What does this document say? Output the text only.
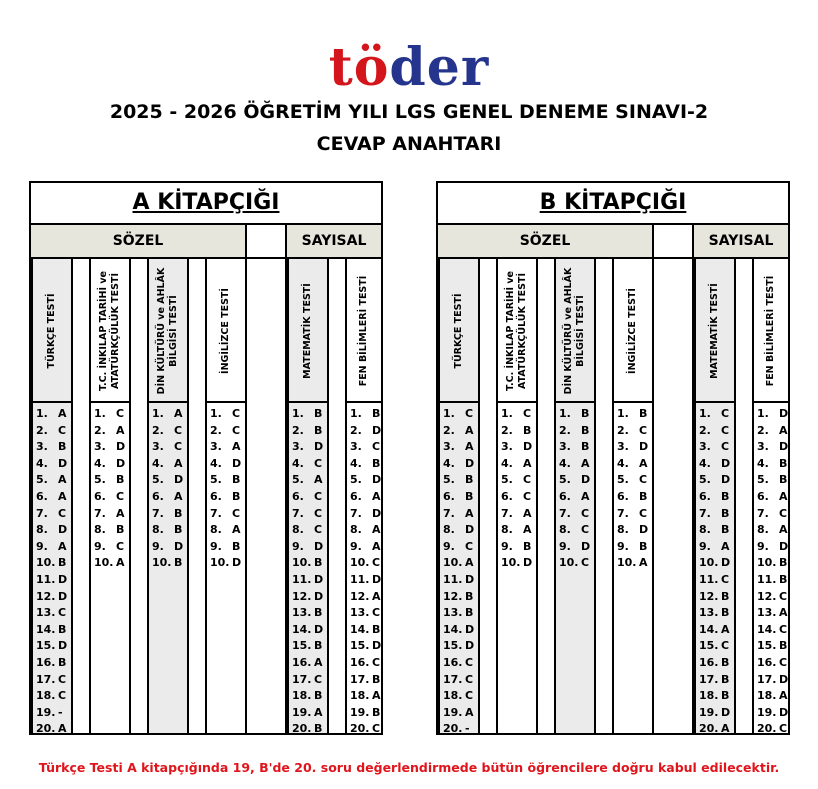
töder
2025 - 2026 ÖĞRETİM YILI LGS GENEL DENEME SINAVI-2
CEVAP ANAHTARI
A KİTAPÇIĞI
SÖZEL	SAYISAL
TÜRKÇE TESTİ
1. A
2. C
3. B
4. D
5. A
6. A
7. C
8. D
9. A
10. B
11. D
12. D
13. C
14. B
15. D
16. B
17. C
18. C
19. -
20. A
T.C. İNKILAP TARİHİ ve ATATÜRKÇÜLÜK TESTİ
1. C
2. A
3. D
4. D
5. B
6. C
7. A
8. B
9. C
10. A
DİN KÜLTÜRÜ ve AHLÂK BİLGİSİ TESTİ
1. A
2. C
3. C
4. A
5. D
6. A
7. B
8. B
9. D
10. B
İNGİLİZCE TESTİ
1. C
2. C
3. A
4. D
5. B
6. B
7. C
8. A
9. B
10. D
MATEMATİK TESTİ
1. B
2. B
3. D
4. C
5. A
6. C
7. C
8. C
9. D
10. B
11. D
12. D
13. B
14. D
15. B
16. A
17. C
18. B
19. A
20. B
FEN BİLİMLERİ TESTİ
1. B
2. D
3. C
4. B
5. D
6. A
7. D
8. A
9. A
10. C
11. D
12. A
13. C
14. B
15. D
16. C
17. B
18. A
19. B
20. C
B KİTAPÇIĞI
SÖZEL	SAYISAL
TÜRKÇE TESTİ
1. C
2. A
3. A
4. D
5. B
6. B
7. A
8. D
9. C
10. A
11. D
12. B
13. B
14. D
15. D
16. C
17. C
18. C
19. A
20. -
T.C. İNKILAP TARİHİ ve ATATÜRKÇÜLÜK TESTİ
1. C
2. B
3. D
4. A
5. C
6. C
7. A
8. A
9. B
10. D
DİN KÜLTÜRÜ ve AHLÂK BİLGİSİ TESTİ
1. B
2. B
3. B
4. A
5. D
6. A
7. C
8. C
9. D
10. C
İNGİLİZCE TESTİ
1. B
2. C
3. D
4. A
5. C
6. B
7. C
8. D
9. B
10. A
MATEMATİK TESTİ
1. C
2. C
3. C
4. D
5. D
6. B
7. B
8. B
9. A
10. D
11. C
12. B
13. B
14. A
15. C
16. B
17. B
18. B
19. D
20. A
FEN BİLİMLERİ TESTİ
1. D
2. A
3. D
4. B
5. B
6. A
7. C
8. A
9. D
10. B
11. B
12. C
13. A
14. C
15. B
16. C
17. D
18. A
19. D
20. C
Türkçe Testi A kitapçığında 19, B'de 20. soru değerlendirmede bütün öğrencilere doğru kabul edilecektir.
